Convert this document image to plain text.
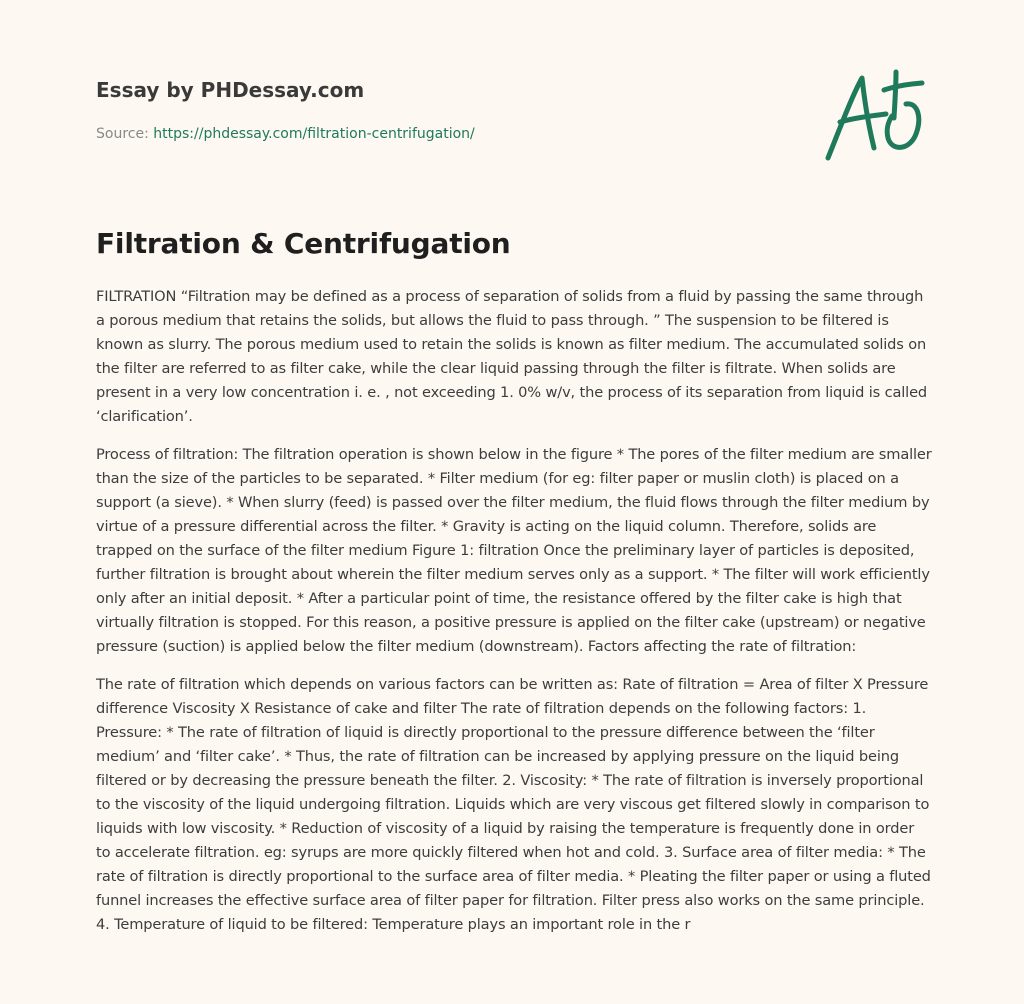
Essay by PHDessay.com
Source: https://phdessay.com/filtration-centrifugation/
Filtration & Centrifugation

FILTRATION “Filtration may be defined as a process of separation of solids from a fluid by passing the same through a porous medium that retains the solids, but allows the fluid to pass through. ” The suspension to be filtered is known as slurry. The porous medium used to retain the solids is known as filter medium. The accumulated solids on the filter are referred to as filter cake, while the clear liquid passing through the filter is filtrate. When solids are present in a very low concentration i. e. , not exceeding 1. 0% w/v, the process of its separation from liquid is called ‘clarification’.

Process of filtration: The filtration operation is shown below in the figure * The pores of the filter medium are smaller than the size of the particles to be separated. * Filter medium (for eg: filter paper or muslin cloth) is placed on a support (a sieve). * When slurry (feed) is passed over the filter medium, the fluid flows through the filter medium by virtue of a pressure differential across the filter. * Gravity is acting on the liquid column. Therefore, solids are trapped on the surface of the filter medium Figure 1: filtration Once the preliminary layer of particles is deposited, further filtration is brought about wherein the filter medium serves only as a support. * The filter will work efficiently only after an initial deposit. * After a particular point of time, the resistance offered by the filter cake is high that virtually filtration is stopped. For this reason, a positive pressure is applied on the filter cake (upstream) or negative pressure (suction) is applied below the filter medium (downstream). Factors affecting the rate of filtration:

The rate of filtration which depends on various factors can be written as: Rate of filtration = Area of filter X Pressure difference Viscosity X Resistance of cake and filter The rate of filtration depends on the following factors: 1. Pressure: * The rate of filtration of liquid is directly proportional to the pressure difference between the ‘filter medium’ and ‘filter cake’. * Thus, the rate of filtration can be increased by applying pressure on the liquid being filtered or by decreasing the pressure beneath the filter. 2. Viscosity: * The rate of filtration is inversely proportional to the viscosity of the liquid undergoing filtration. Liquids which are very viscous get filtered slowly in comparison to liquids with low viscosity. * Reduction of viscosity of a liquid by raising the temperature is frequently done in order to accelerate filtration. eg: syrups are more quickly filtered when hot and cold. 3. Surface area of filter media: * The rate of filtration is directly proportional to the surface area of filter media. * Pleating the filter paper or using a fluted funnel increases the effective surface area of filter paper for filtration. Filter press also works on the same principle. 4. Temperature of liquid to be filtered: Temperature plays an important role in the r
